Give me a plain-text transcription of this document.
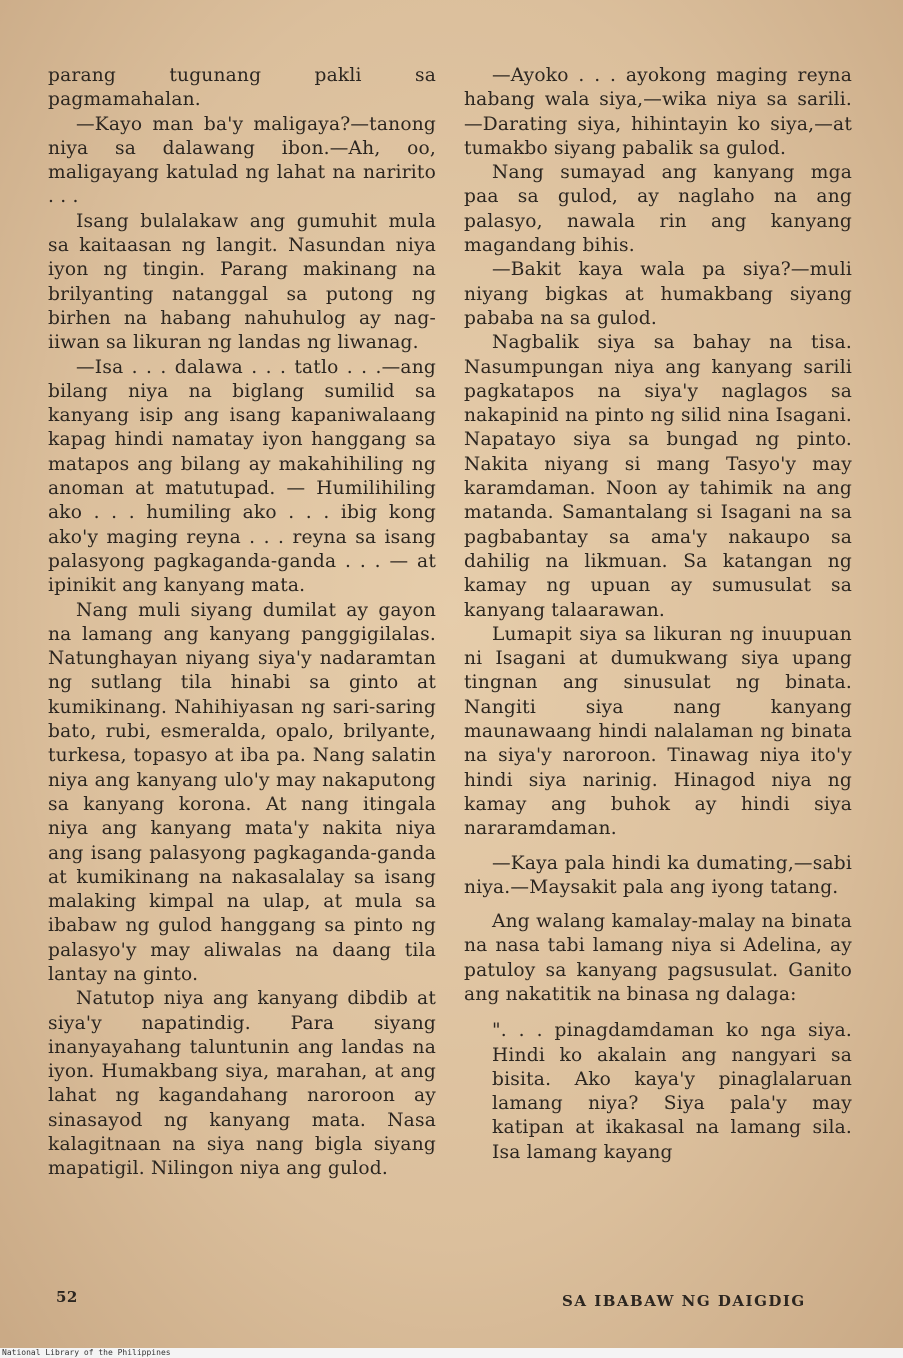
parang tugunang pakli sa pagmamahalan.

—Kayo man ba'y maligaya?—tanong niya sa dalawang ibon.—Ah, oo, maligayang katulad ng lahat na naririto . . .

Isang bulalakaw ang gumuhit mula sa kaitaasan ng langit. Nasundan niya iyon ng tingin. Parang makinang na brilyanting natanggal sa putong ng birhen na habang nahuhulog ay nag-iiwan sa likuran ng landas ng liwanag.

—Isa . . . dalawa . . . tatlo . . .—ang bilang niya na biglang sumilid sa kanyang isip ang isang kapaniwalaang kapag hindi namatay iyon hanggang sa matapos ang bilang ay makahihiling ng anoman at matutupad. — Humilihiling ako . . . humiling ako . . . ibig kong ako'y maging reyna . . . reyna sa isang palasyong pagkaganda-ganda . . . — at ipinikit ang kanyang mata.

Nang muli siyang dumilat ay gayon na lamang ang kanyang panggigilalas. Natunghayan niyang siya'y nadaramtan ng sutlang tila hinabi sa ginto at kumikinang. Nahihiyasan ng sari-saring bato, rubi, esmeralda, opalo, brilyante, turkesa, topasyo at iba pa. Nang salatin niya ang kanyang ulo'y may nakaputong sa kanyang korona. At nang itingala niya ang kanyang mata'y nakita niya ang isang palasyong pagkaganda-ganda at kumikinang na nakasalalay sa isang malaking kimpal na ulap, at mula sa ibabaw ng gulod hanggang sa pinto ng palasyo'y may aliwalas na daang tila lantay na ginto.

Natutop niya ang kanyang dibdib at siya'y napatindig. Para siyang inanyayahang taluntunin ang landas na iyon. Humakbang siya, marahan, at ang lahat ng kagandahang naroroon ay sinasayod ng kanyang mata. Nasa kalagitnaan na siya nang bigla siyang mapatigil. Nilingon niya ang gulod.

—Ayoko . . . ayokong maging reyna habang wala siya,—wika niya sa sarili.—Darating siya, hihintayin ko siya,—at tumakbo siyang pabalik sa gulod.

Nang sumayad ang kanyang mga paa sa gulod, ay naglaho na ang palasyo, nawala rin ang kanyang magandang bihis.

—Bakit kaya wala pa siya?—muli niyang bigkas at humakbang siyang pababa na sa gulod.

Nagbalik siya sa bahay na tisa. Nasumpungan niya ang kanyang sarili pagkatapos na siya'y naglagos sa nakapinid na pinto ng silid nina Isagani. Napatayo siya sa bungad ng pinto. Nakita niyang si mang Tasyo'y may karamdaman. Noon ay tahimik na ang matanda. Samantalang si Isagani na sa pagbabantay sa ama'y nakaupo sa dahilig na likmuan. Sa katangan ng kamay ng upuan ay sumusulat sa kanyang talaarawan.

Lumapit siya sa likuran ng inuupuan ni Isagani at dumukwang siya upang tingnan ang sinusulat ng binata. Nangiti siya nang kanyang maunawaang hindi nalalaman ng binata na siya'y naroroon. Tinawag niya ito'y hindi siya narinig. Hinagod niya ng kamay ang buhok ay hindi siya nararamdaman.

—Kaya pala hindi ka dumating,—sabi niya.—Maysakit pala ang iyong tatang.

Ang walang kamalay-malay na binata na nasa tabi lamang niya si Adelina, ay patuloy sa kanyang pagsusulat. Ganito ang nakatitik na binasa ng dalaga:

". . . pinagdamdaman ko nga siya. Hindi ko akalain ang nangyari sa bisita. Ako kaya'y pinaglalaruan lamang niya? Siya pala'y may katipan at ikakasal na lamang sila. Isa lamang kayang

52	SA IBABAW NG DAIGDIG
National Library of the Philippines
